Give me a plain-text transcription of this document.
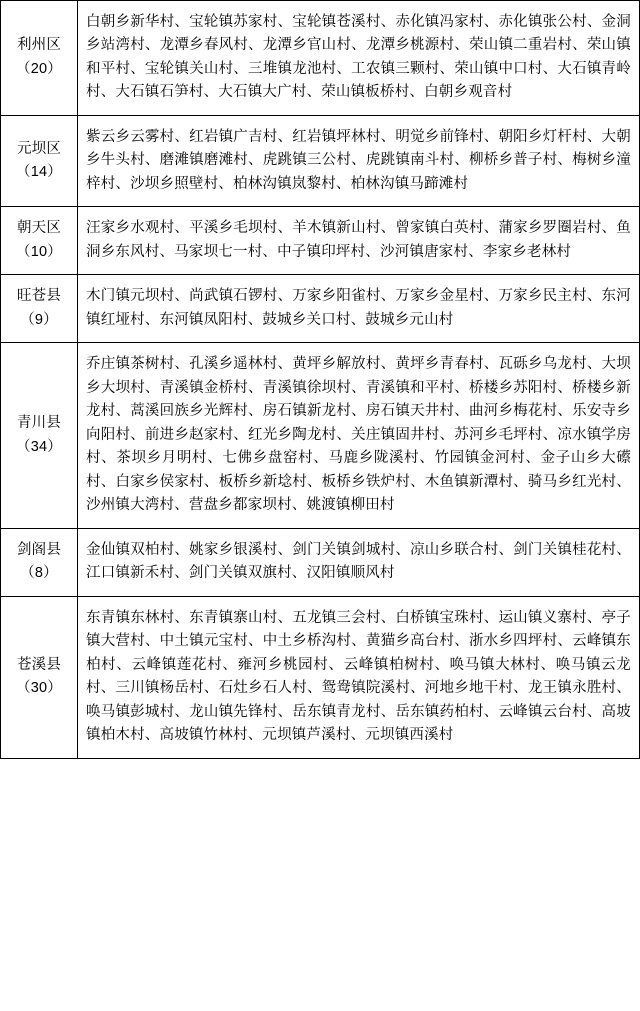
利州区
（20）	白朝乡新华村、宝轮镇苏家村、宝轮镇苍溪村、赤化镇冯家村、赤化镇张公村、金洞乡站湾村、龙潭乡春风村、龙潭乡官山村、龙潭乡桃源村、荣山镇二重岩村、荣山镇和平村、宝轮镇关山村、三堆镇龙池村、工农镇三颗村、荣山镇中口村、大石镇青岭村、大石镇石笋村、大石镇大广村、荣山镇板桥村、白朝乡观音村

元坝区
（14）	紫云乡云雾村、红岩镇广吉村、红岩镇坪林村、明觉乡前锋村、朝阳乡灯杆村、大朝乡牛头村、磨滩镇磨滩村、虎跳镇三公村、虎跳镇南斗村、柳桥乡普子村、梅树乡潼梓村、沙坝乡照壁村、柏林沟镇岚黎村、柏林沟镇马蹄滩村

朝天区
（10）	汪家乡水观村、平溪乡毛坝村、羊木镇新山村、曾家镇白英村、蒲家乡罗圈岩村、鱼洞乡东风村、马家坝七一村、中子镇印坪村、沙河镇唐家村、李家乡老林村

旺苍县
（9）	木门镇元坝村、尚武镇石锣村、万家乡阳雀村、万家乡金星村、万家乡民主村、东河镇红垭村、东河镇凤阳村、鼓城乡关口村、鼓城乡元山村

青川县
（34）	乔庄镇茶树村、孔溪乡遥林村、黄坪乡解放村、黄坪乡青春村、瓦砾乡乌龙村、大坝乡大坝村、青溪镇金桥村、青溪镇徐坝村、青溪镇和平村、桥楼乡苏阳村、桥楼乡新龙村、蒿溪回族乡光辉村、房石镇新龙村、房石镇天井村、曲河乡梅花村、乐安寺乡向阳村、前进乡赵家村、红光乡陶龙村、关庄镇固井村、苏河乡毛坪村、凉水镇学房村、茶坝乡月明村、七佛乡盘窑村、马鹿乡陇溪村、竹园镇金河村、金子山乡大礤村、白家乡侯家村、板桥乡新埝村、板桥乡铁炉村、木鱼镇新潭村、骑马乡红光村、沙州镇大湾村、营盘乡都家坝村、姚渡镇柳田村

剑阁县
（8）	金仙镇双柏村、姚家乡银溪村、剑门关镇剑城村、凉山乡联合村、剑门关镇桂花村、江口镇新禾村、剑门关镇双旗村、汉阳镇顺风村

苍溪县
（30）	东青镇东林村、东青镇寨山村、五龙镇三会村、白桥镇宝珠村、运山镇义寨村、亭子镇大营村、中土镇元宝村、中土乡桥沟村、黄猫乡高台村、浙水乡四坪村、云峰镇东柏村、云峰镇莲花村、雍河乡桃园村、云峰镇柏树村、唤马镇大林村、唤马镇云龙村、三川镇杨岳村、石灶乡石人村、鸳鸯镇院溪村、河地乡地干村、龙王镇永胜村、唤马镇彭城村、龙山镇先锋村、岳东镇青龙村、岳东镇药柏村、云峰镇云台村、高坡镇柏木村、高坡镇竹林村、元坝镇芦溪村、元坝镇西溪村
